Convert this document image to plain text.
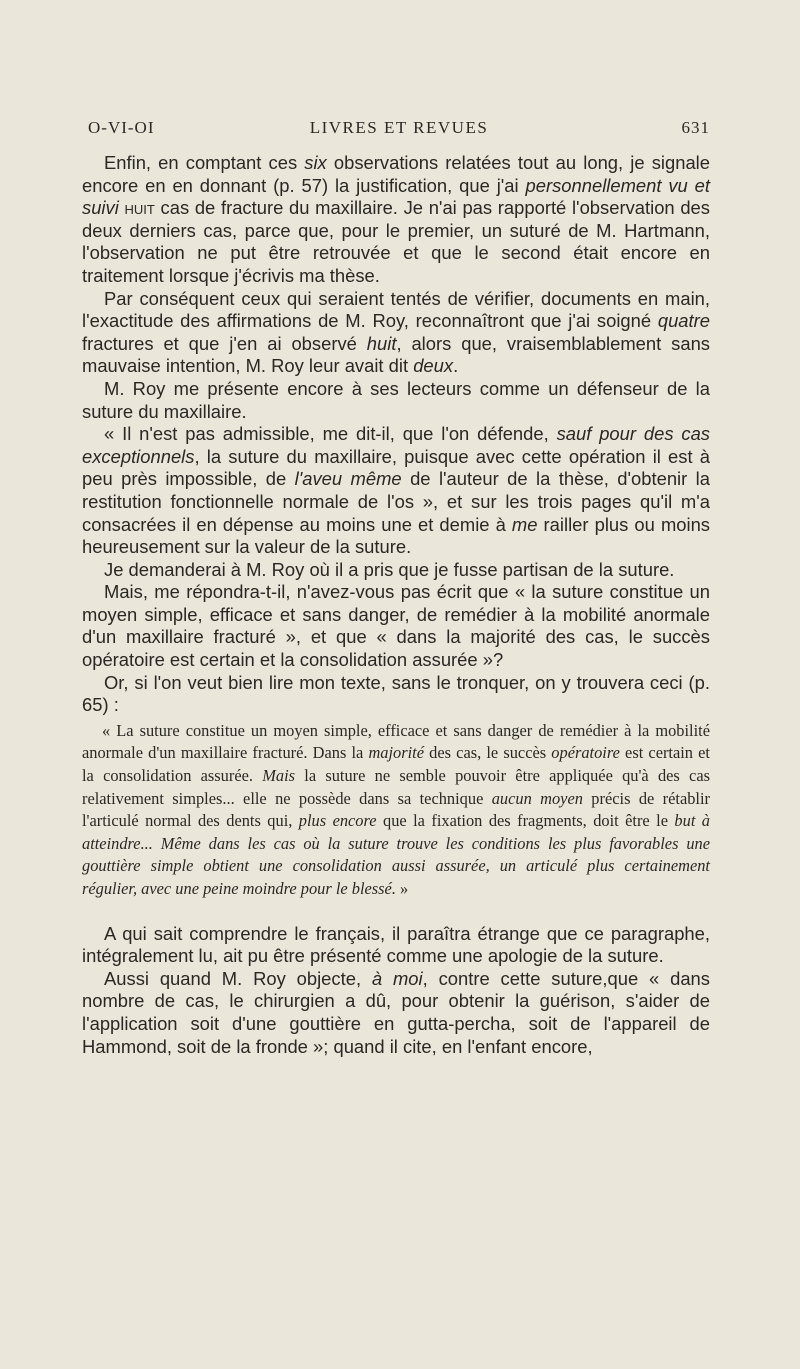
O-VI-OI	LIVRES ET REVUES	631

Enfin, en comptant ces six observations relatées tout au long, je signale encore en en donnant (p. 57) la justification, que j'ai personnellement vu et suivi huit cas de fracture du maxillaire. Je n'ai pas rapporté l'observation des deux derniers cas, parce que, pour le premier, un suturé de M. Hartmann, l'observation ne put être retrouvée et que le second était encore en traitement lorsque j'écrivis ma thèse.

Par conséquent ceux qui seraient tentés de vérifier, documents en main, l'exactitude des affirmations de M. Roy, reconnaîtront que j'ai soigné quatre fractures et que j'en ai observé huit, alors que, vraisemblablement sans mauvaise intention, M. Roy leur avait dit deux.

M. Roy me présente encore à ses lecteurs comme un défenseur de la suture du maxillaire.

« Il n'est pas admissible, me dit-il, que l'on défende, sauf pour des cas exceptionnels, la suture du maxillaire, puisque avec cette opération il est à peu près impossible, de l'aveu même de l'auteur de la thèse, d'obtenir la restitution fonctionnelle normale de l'os », et sur les trois pages qu'il m'a consacrées il en dépense au moins une et demie à me railler plus ou moins heureusement sur la valeur de la suture.

Je demanderai à M. Roy où il a pris que je fusse partisan de la suture.

Mais, me répondra-t-il, n'avez-vous pas écrit que « la suture constitue un moyen simple, efficace et sans danger, de remédier à la mobilité anormale d'un maxillaire fracturé », et que « dans la majorité des cas, le succès opératoire est certain et la consolidation assurée »?

Or, si l'on veut bien lire mon texte, sans le tronquer, on y trouvera ceci (p. 65) :

« La suture constitue un moyen simple, efficace et sans danger de remédier à la mobilité anormale d'un maxillaire fracturé. Dans la majorité des cas, le succès opératoire est certain et la consolidation assurée. Mais la suture ne semble pouvoir être appliquée qu'à des cas relativement simples... elle ne possède dans sa technique aucun moyen précis de rétablir l'articulé normal des dents qui, plus encore que la fixation des fragments, doit être le but à atteindre... Même dans les cas où la suture trouve les conditions les plus favorables une gouttière simple obtient une consolidation aussi assurée, un articulé plus certainement régulier, avec une peine moindre pour le blessé. »

A qui sait comprendre le français, il paraîtra étrange que ce paragraphe, intégralement lu, ait pu être présenté comme une apologie de la suture.

Aussi quand M. Roy objecte, à moi, contre cette suture,que « dans nombre de cas, le chirurgien a dû, pour obtenir la guérison, s'aider de l'application soit d'une gouttière en gutta-percha, soit de l'appareil de Hammond, soit de la fronde »; quand il cite, en l'enfant encore,
